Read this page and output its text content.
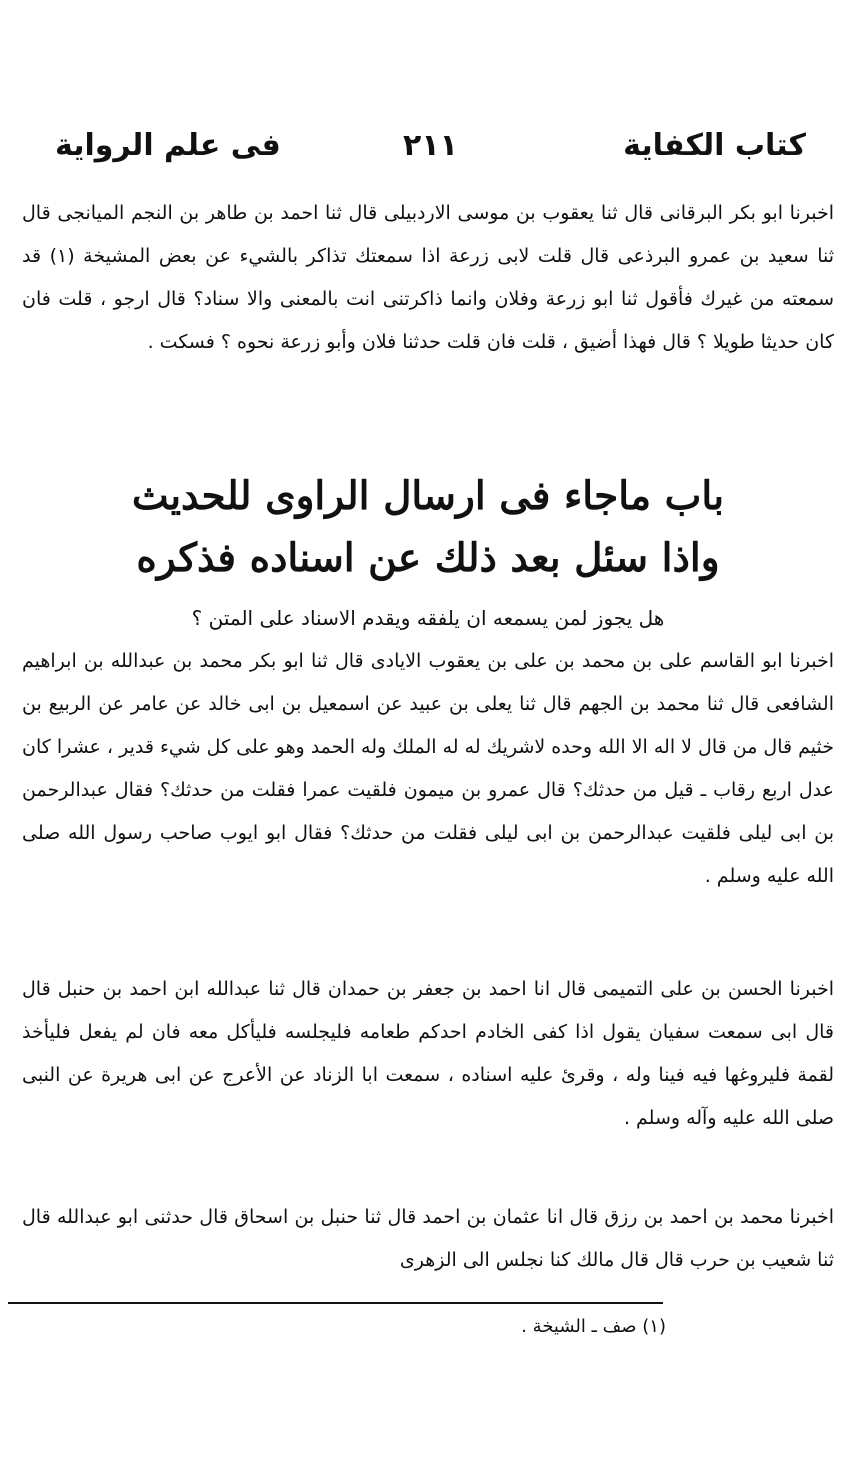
كتاب الكفاية
٢١١
فى علم الرواية

اخبرنا ابو بكر البرقانى قال ثنا يعقوب بن موسى الاردبيلى قال ثنا احمد بن طاهر بن النجم الميانجى قال ثنا سعيد بن عمرو البرذعى قال قلت لابى زرعة اذا سمعتك تذاكر بالشيء عن بعض المشيخة (١) قد سمعته من غيرك فأقول ثنا ابو زرعة وفلان وانما ذاكرتنى انت بالمعنى والا سناد؟ قال ارجو ، قلت فان كان حديثا طويلا ؟ قال فهذا أضيق ، قلت فان قلت حدثنا فلان وأبو زرعة نحوه ؟ فسكت .

باب ماجاء فى ارسال الراوى للحديث
واذا سئل بعد ذلك عن اسناده فذكره

هل يجوز لمن يسمعه ان يلفقه ويقدم الاسناد على المتن ؟

اخبرنا ابو القاسم على بن محمد بن على بن يعقوب الايادى قال ثنا ابو بكر محمد بن عبدالله بن ابراهيم الشافعى قال ثنا محمد بن الجهم قال ثنا يعلى بن عبيد عن اسمعيل بن ابى خالد عن عامر عن الربيع بن خثيم قال من قال لا اله الا الله وحده لاشريك له له الملك وله الحمد وهو على كل شيء قدير ، عشرا كان عدل اربع رقاب ـ قيل من حدثك؟ قال عمرو بن ميمون فلقيت عمرا فقلت من حدثك؟ فقال عبدالرحمن بن ابى ليلى فلقيت عبدالرحمن بن ابى ليلى فقلت من حدثك؟ فقال ابو ايوب صاحب رسول الله صلى الله عليه وسلم .

اخبرنا الحسن بن على التميمى قال انا احمد بن جعفر بن حمدان قال ثنا عبدالله ابن احمد بن حنبل قال قال ابى سمعت سفيان يقول اذا كفى الخادم احدكم طعامه فليجلسه فليأكل معه فان لم يفعل فليأخذ لقمة فليروغها فيه فينا وله ، وقرئ عليه اسناده ، سمعت ابا الزناد عن الأعرج عن ابى هريرة عن النبى صلى الله عليه وآله وسلم .

اخبرنا محمد بن احمد بن رزق قال انا عثمان بن احمد قال ثنا حنبل بن اسحاق قال حدثنى ابو عبدالله قال ثنا شعيب بن حرب قال قال مالك كنا نجلس الى الزهرى

(١) صف ـ الشيخة .
